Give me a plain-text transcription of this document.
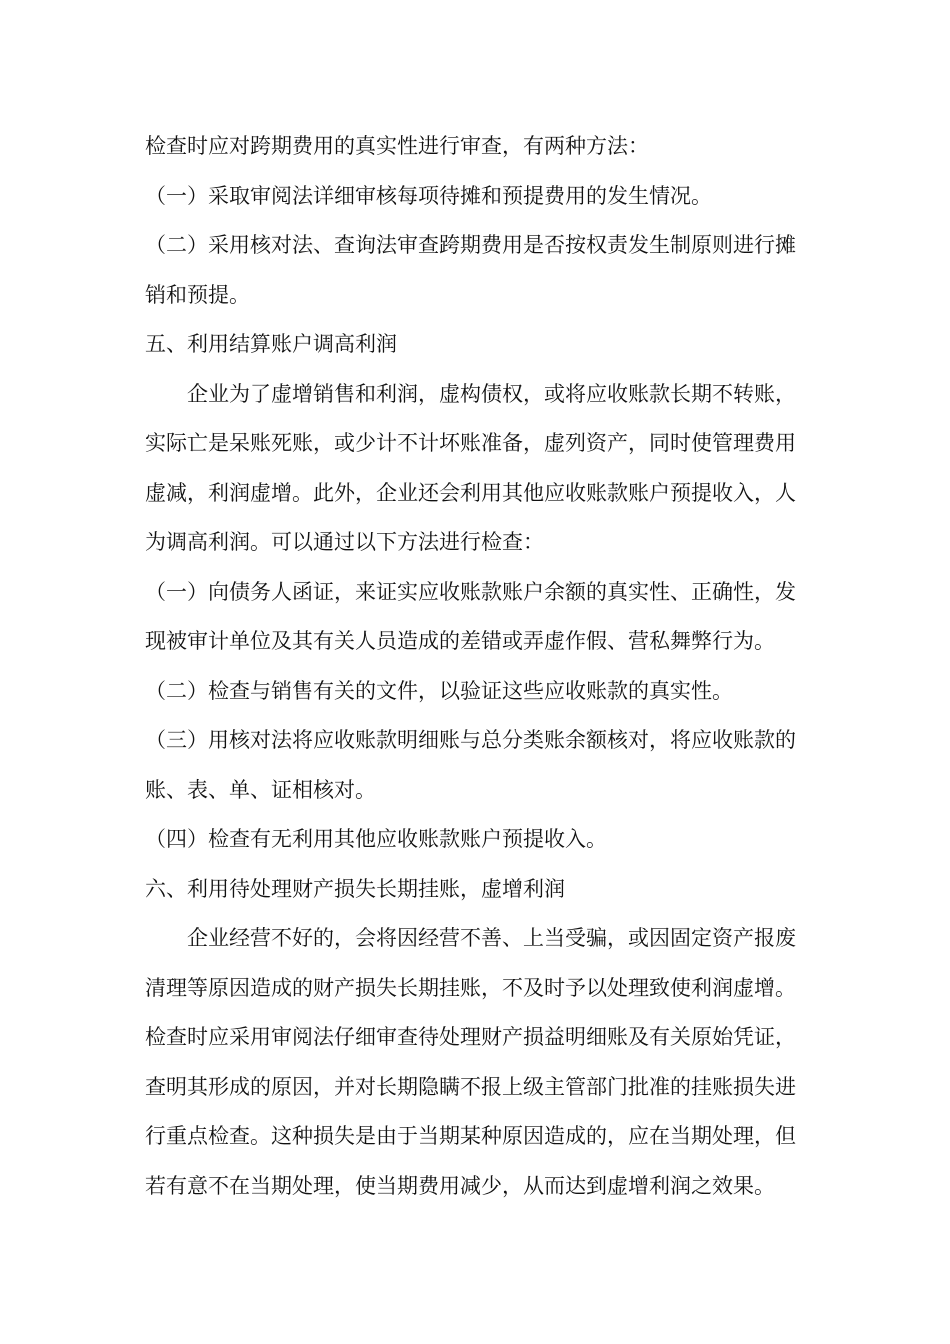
检查时应对跨期费用的真实性进行审查，有两种方法：
（一）采取审阅法详细审核每项待摊和预提费用的发生情况。
（二）采用核对法、查询法审查跨期费用是否按权责发生制原则进行摊
销和预提。
五、利用结算账户调高利润
企业为了虚增销售和利润，虚构债权，或将应收账款长期不转账，
实际亡是呆账死账，或少计不计坏账准备，虚列资产，同时使管理费用
虚减，利润虚增。此外，企业还会利用其他应收账款账户预提收入，人
为调高利润。可以通过以下方法进行检查：
（一）向债务人函证，来证实应收账款账户余额的真实性、正确性，发
现被审计单位及其有关人员造成的差错或弄虚作假、营私舞弊行为。
（二）检查与销售有关的文件，以验证这些应收账款的真实性。
（三）用核对法将应收账款明细账与总分类账余额核对，将应收账款的
账、表、单、证相核对。
（四）检查有无利用其他应收账款账户预提收入。
六、利用待处理财产损失长期挂账，虚增利润
企业经营不好的，会将因经营不善、上当受骗，或因固定资产报废
清理等原因造成的财产损失长期挂账，不及时予以处理致使利润虚增。
检查时应采用审阅法仔细审查待处理财产损益明细账及有关原始凭证，
查明其形成的原因，并对长期隐瞒不报上级主管部门批准的挂账损失进
行重点检查。这种损失是由于当期某种原因造成的，应在当期处理，但
若有意不在当期处理，使当期费用减少，从而达到虚增利润之效果。
